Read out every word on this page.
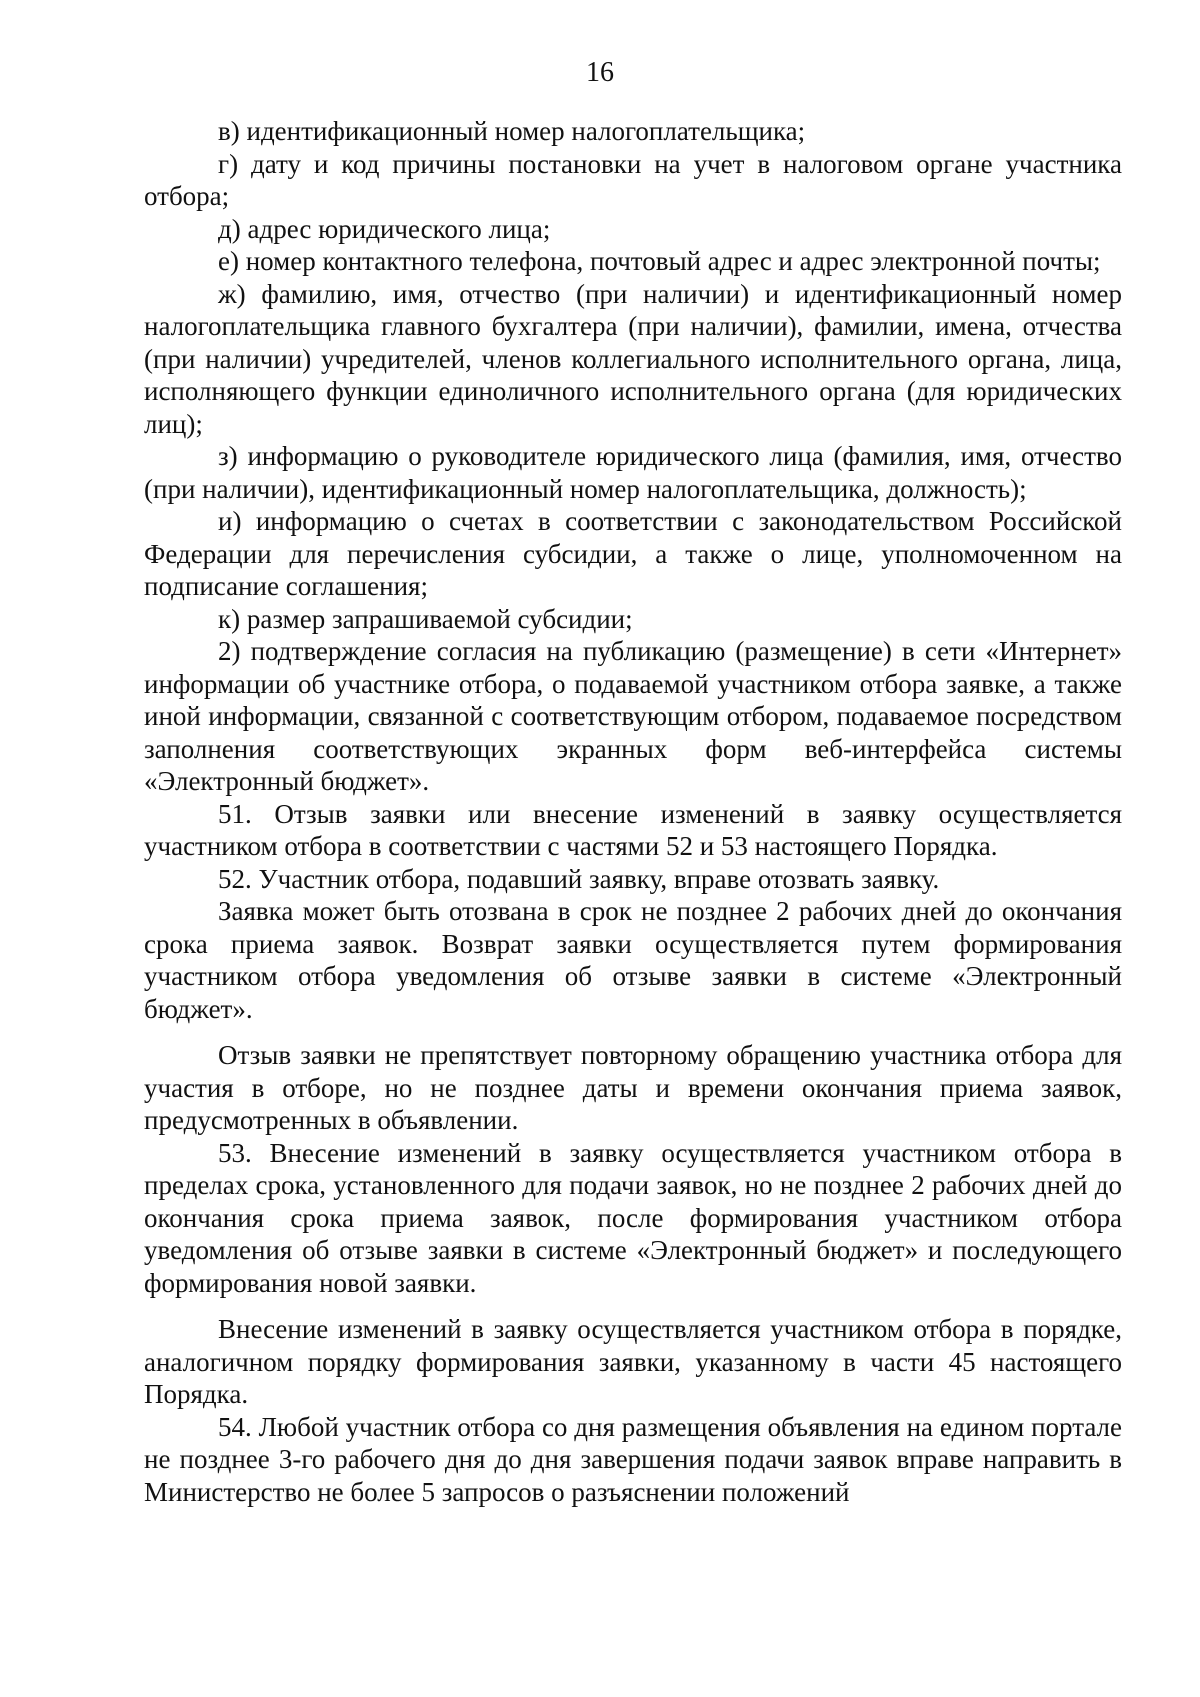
16

в) идентификационный номер налогоплательщика;

г) дату и код причины постановки на учет в налоговом органе участника отбора;

д) адрес юридического лица;

е) номер контактного телефона, почтовый адрес и адрес электронной почты;

ж) фамилию, имя, отчество (при наличии) и идентификационный номер налогоплательщика главного бухгалтера (при наличии), фамилии, имена, отчества (при наличии) учредителей, членов коллегиального исполнительного органа, лица, исполняющего функции единоличного исполнительного органа (для юридических лиц);

з) информацию о руководителе юридического лица (фамилия, имя, отчество (при наличии), идентификационный номер налогоплательщика, должность);

и) информацию о счетах в соответствии с законодательством Российской Федерации для перечисления субсидии, а также о лице, уполномоченном на подписание соглашения;

к) размер запрашиваемой субсидии;

2) подтверждение согласия на публикацию (размещение) в сети «Интернет» информации об участнике отбора, о подаваемой участником отбора заявке, а также иной информации, связанной с соответствующим отбором, подаваемое посредством заполнения соответствующих экранных форм веб-интерфейса системы «Электронный бюджет».

51. Отзыв заявки или внесение изменений в заявку осуществляется участником отбора в соответствии с частями 52 и 53 настоящего Порядка.

52. Участник отбора, подавший заявку, вправе отозвать заявку.

Заявка может быть отозвана в срок не позднее 2 рабочих дней до окончания срока приема заявок. Возврат заявки осуществляется путем формирования участником отбора уведомления об отзыве заявки в системе «Электронный бюджет».

Отзыв заявки не препятствует повторному обращению участника отбора для участия в отборе, но не позднее даты и времени окончания приема заявок, предусмотренных в объявлении.

53. Внесение изменений в заявку осуществляется участником отбора в пределах срока, установленного для подачи заявок, но не позднее 2 рабочих дней до окончания срока приема заявок, после формирования участником отбора уведомления об отзыве заявки в системе «Электронный бюджет» и последующего формирования новой заявки.

Внесение изменений в заявку осуществляется участником отбора в порядке, аналогичном порядку формирования заявки, указанному в части 45 настоящего Порядка.

54. Любой участник отбора со дня размещения объявления на едином портале не позднее 3-го рабочего дня до дня завершения подачи заявок вправе направить в Министерство не более 5 запросов о разъяснении положений
